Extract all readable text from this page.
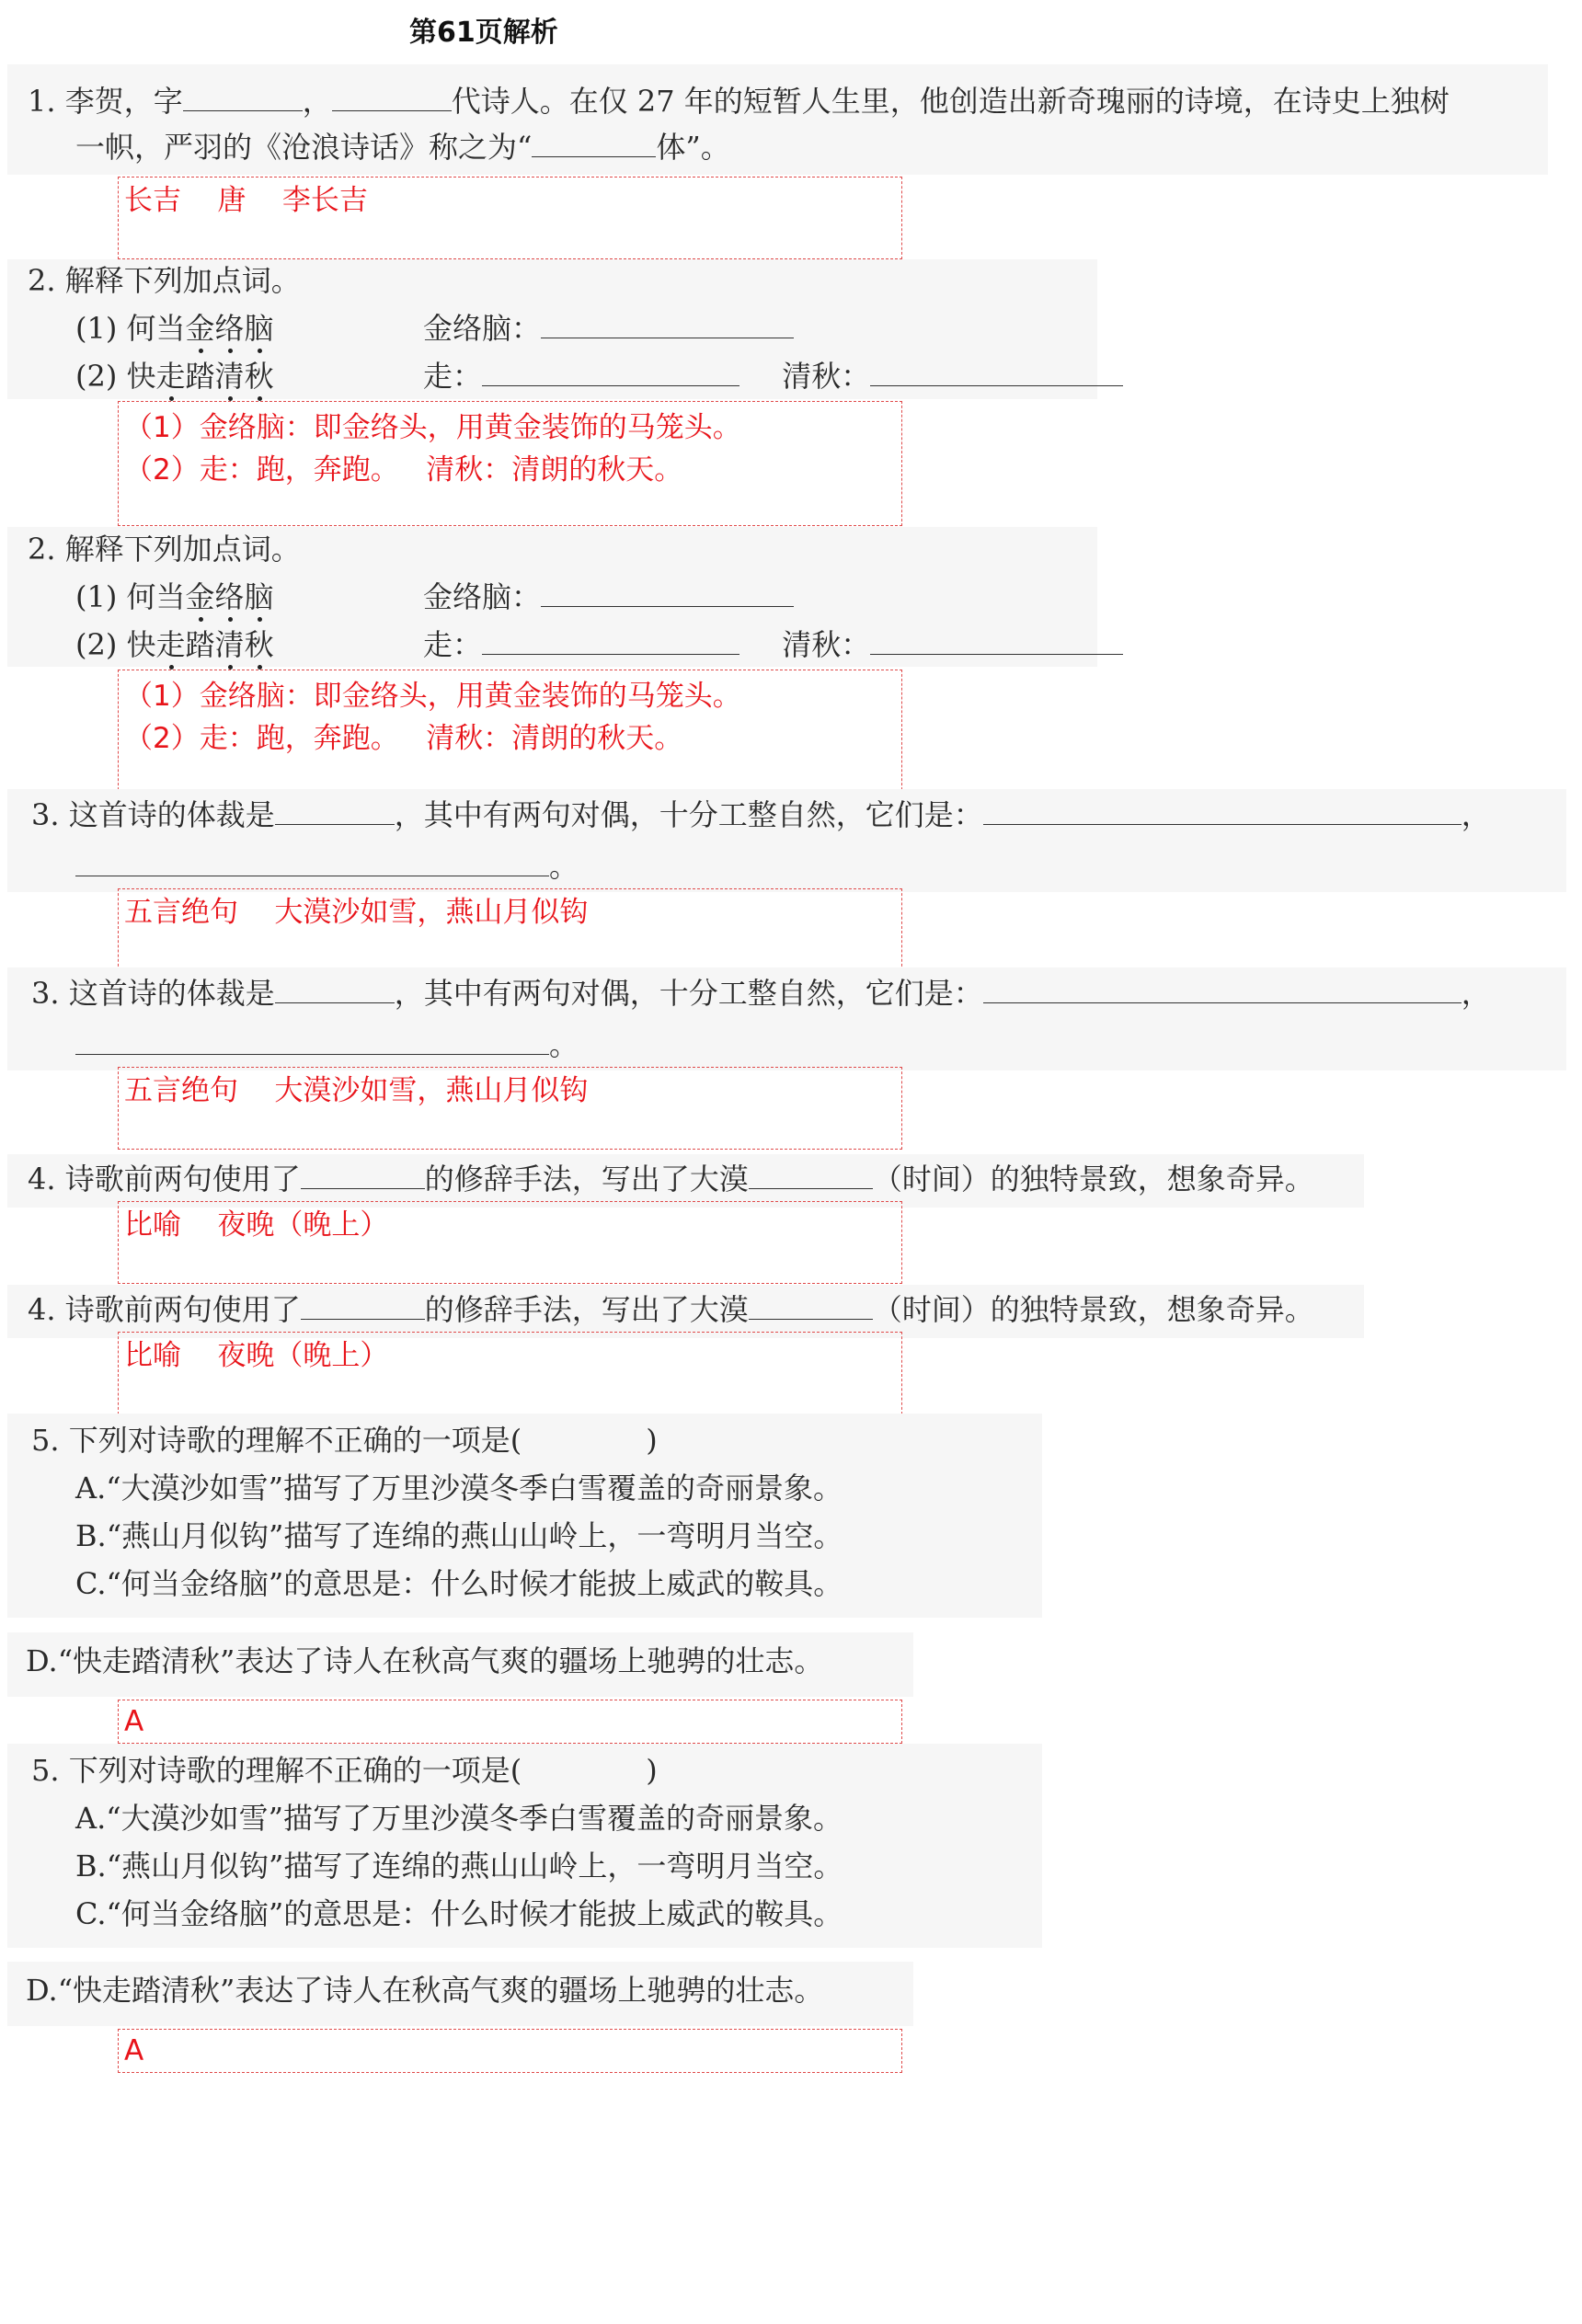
第61页解析
1. 李贺，字	，	代诗人。在仅 27 年的短暂人生里，他创造出新奇瑰丽的诗境，在诗史上独树
一帜，严羽的《沧浪诗话》称之为“	体”。
长吉    唐    李长吉
2. 解释下列加点词。
(1) 何当金络脑	金络脑：
(2) 快走踏清秋	走：	清秋：
（1）金络脑：即金络头，用黄金装饰的马笼头。
（2）走：跑，奔跑。   清秋：清朗的秋天。
2. 解释下列加点词。
(1) 何当金络脑	金络脑：
(2) 快走踏清秋	走：	清秋：
（1）金络脑：即金络头，用黄金装饰的马笼头。
（2）走：跑，奔跑。   清秋：清朗的秋天。
3. 这首诗的体裁是	，其中有两句对偶，十分工整自然，它们是：	，
。
五言绝句    大漠沙如雪，燕山月似钩
3. 这首诗的体裁是	，其中有两句对偶，十分工整自然，它们是：	，
。
五言绝句    大漠沙如雪，燕山月似钩
4. 诗歌前两句使用了	的修辞手法，写出了大漠	（时间）的独特景致，想象奇异。
比喻    夜晚（晚上）
4. 诗歌前两句使用了	的修辞手法，写出了大漠	（时间）的独特景致，想象奇异。
比喻    夜晚（晚上）
5. 下列对诗歌的理解不正确的一项是(	)
A.“大漠沙如雪”描写了万里沙漠冬季白雪覆盖的奇丽景象。
B.“燕山月似钩”描写了连绵的燕山山岭上，一弯明月当空。
C.“何当金络脑”的意思是：什么时候才能披上威武的鞍具。
D.“快走踏清秋”表达了诗人在秋高气爽的疆场上驰骋的壮志。
A
5. 下列对诗歌的理解不正确的一项是(	)
A.“大漠沙如雪”描写了万里沙漠冬季白雪覆盖的奇丽景象。
B.“燕山月似钩”描写了连绵的燕山山岭上，一弯明月当空。
C.“何当金络脑”的意思是：什么时候才能披上威武的鞍具。
D.“快走踏清秋”表达了诗人在秋高气爽的疆场上驰骋的壮志。
A
